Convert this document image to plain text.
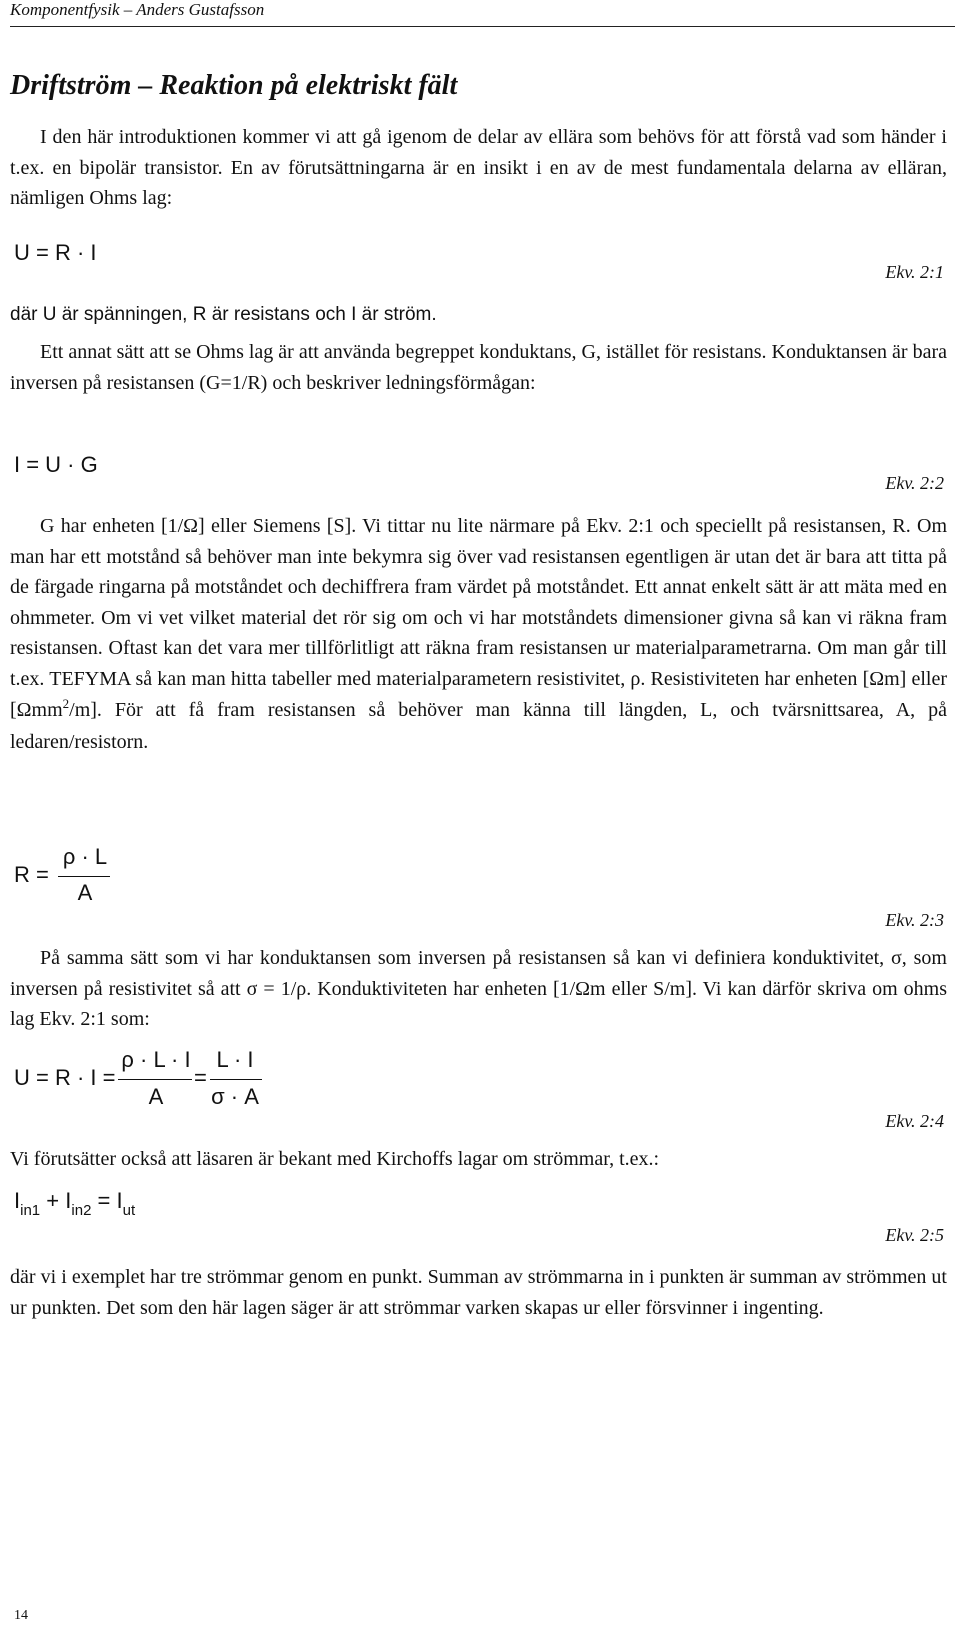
Komponentfysik – Anders Gustafsson
Driftström – Reaktion på elektriskt fält

I den här introduktionen kommer vi att gå igenom de delar av ellära som behövs för att förstå vad som händer i t.ex. en bipolär transistor. En av förutsättningarna är en insikt i en av de mest fundamentala delarna av elläran, nämligen Ohms lag:

U = R · I
Ekv. 2:1

där U är spänningen, R är resistans och I är ström.

Ett annat sätt att se Ohms lag är att använda begreppet konduktans, G, istället för resistans. Konduktansen är bara inversen på resistansen (G=1/R) och beskriver ledningsförmågan:

I = U · G
Ekv. 2:2

G har enheten [1/Ω] eller Siemens [S]. Vi tittar nu lite närmare på Ekv. 2:1 och speciellt på resistansen, R. Om man har ett motstånd så behöver man inte bekymra sig över vad resistansen egentligen är utan det är bara att titta på de färgade ringarna på motståndet och dechiffrera fram värdet på motståndet. Ett annat enkelt sätt är att mäta med en ohmmeter. Om vi vet vilket material det rör sig om och vi har motståndets dimensioner givna så kan vi räkna fram resistansen. Oftast kan det vara mer tillförlitligt att räkna fram resistansen ur materialparametrarna. Om man går till t.ex. TEFYMA så kan man hitta tabeller med materialparametern resistivitet, ρ. Resistiviteten har enheten [Ωm] eller [Ωmm$^2$/m]. För att få fram resistansen så behöver man känna till längden, L, och tvärsnittsarea, A, på ledaren/resistorn.

R =
ρ · L
A
Ekv. 2:3

På samma sätt som vi har konduktansen som inversen på resistansen så kan vi definiera konduktivitet, σ, som inversen på resistivitet så att σ = 1/ρ. Konduktiviteten har enheten [1/Ωm eller S/m]. Vi kan därför skriva om ohms lag Ekv. 2:1 som:

U = R · I =
ρ · L · I
A
=
L · I
σ · A
Ekv. 2:4

Vi förutsätter också att läsaren är bekant med Kirchoffs lagar om strömmar, t.ex.:

$I_{in1} + I_{in2} = I_{ut}$
Ekv. 2:5

där vi i exemplet har tre strömmar genom en punkt. Summan av strömmarna in i punkten är summan av strömmen ut ur punkten. Det som den här lagen säger är att strömmar varken skapas ur eller försvinner i ingenting.

14
